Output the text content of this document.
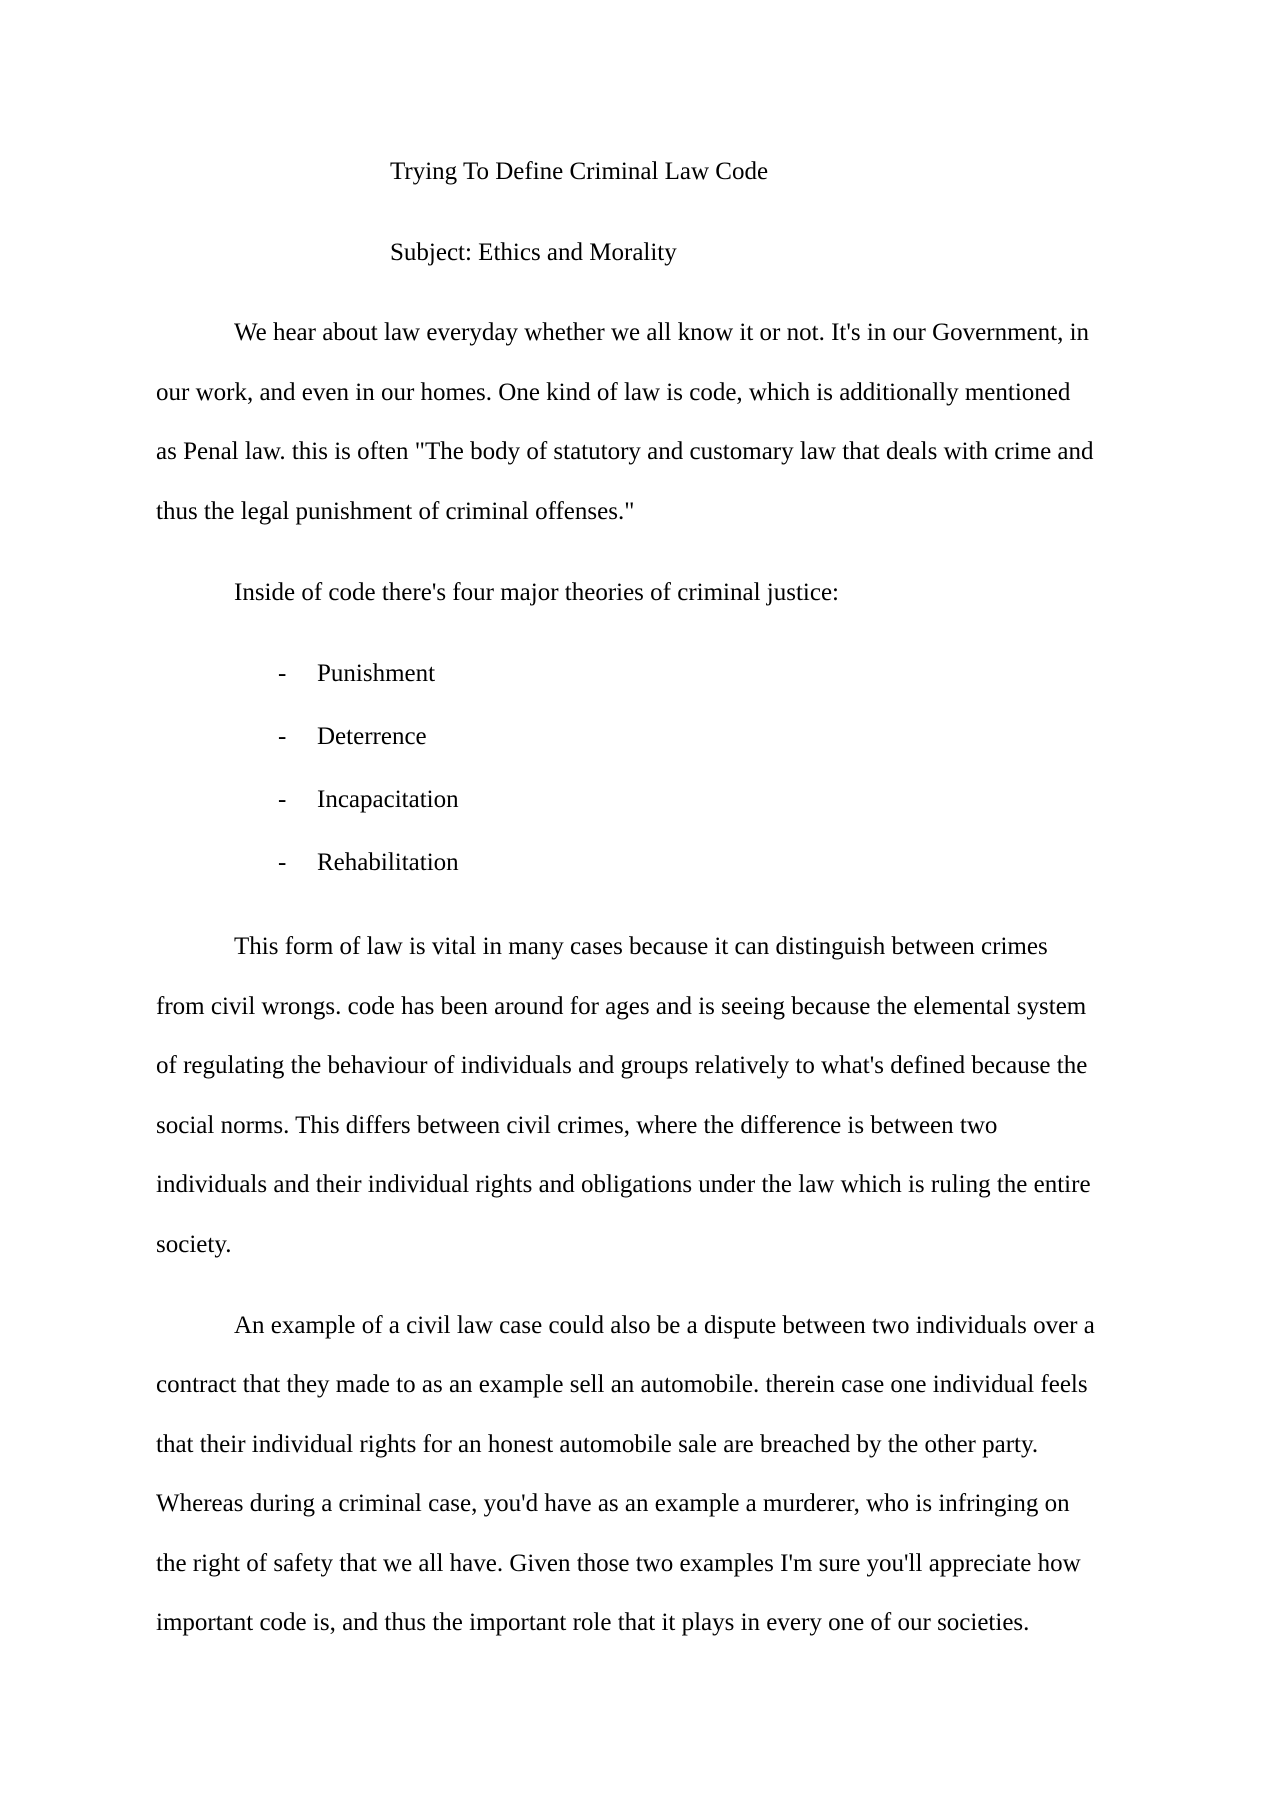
Trying To Define Criminal Law Code

Subject: Ethics and Morality

We hear about law everyday whether we all know it or not. It's in our Government, in

our work, and even in our homes. One kind of law is code, which is additionally mentioned

as Penal law. this is often "The body of statutory and customary law that deals with crime and

thus the legal punishment of criminal offenses."

Inside of code there's four major theories of criminal justice:

- Punishment
- Deterrence
- Incapacitation
- Rehabilitation

This form of law is vital in many cases because it can distinguish between crimes

from civil wrongs. code has been around for ages and is seeing because the elemental system

of regulating the behaviour of individuals and groups relatively to what's defined because the

social norms. This differs between civil crimes, where the difference is between two

individuals and their individual rights and obligations under the law which is ruling the entire

society.

An example of a civil law case could also be a dispute between two individuals over a

contract that they made to as an example sell an automobile. therein case one individual feels

that their individual rights for an honest automobile sale are breached by the other party.

Whereas during a criminal case, you'd have as an example a murderer, who is infringing on

the right of safety that we all have. Given those two examples I'm sure you'll appreciate how

important code is, and thus the important role that it plays in every one of our societies.
